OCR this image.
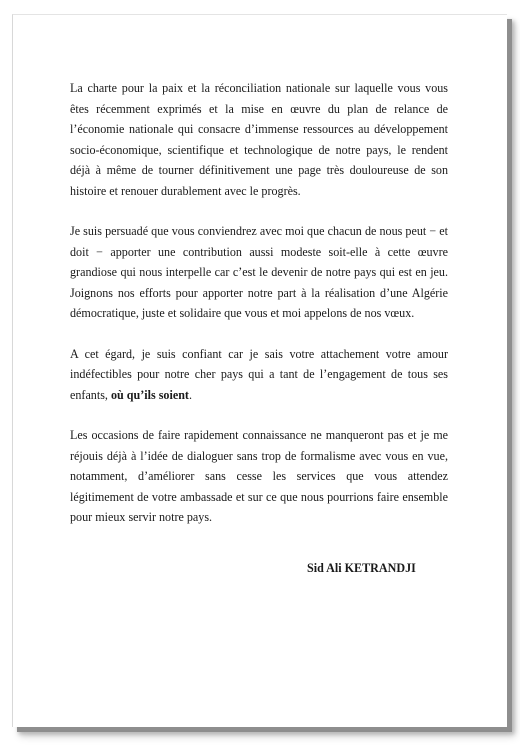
La charte pour la paix et la réconciliation nationale sur laquelle vous vous êtes récemment exprimés et la mise en œuvre du plan de relance de l’économie nationale qui consacre d’immense ressources au développement socio-économique, scientifique et technologique de notre pays, le rendent déjà à même de tourner définitivement une page très douloureuse de son histoire et renouer durablement avec le progrès.

Je suis persuadé que vous conviendrez avec moi que chacun de nous peut − et doit − apporter une contribution aussi modeste soit-elle à cette œuvre grandiose qui nous interpelle car c’est le devenir de notre pays qui est en jeu. Joignons nos efforts pour apporter notre part à la réalisation d’une Algérie démocratique, juste et solidaire que vous et moi appelons de nos vœux.

A cet égard, je suis confiant car je sais votre attachement votre amour indéfectibles pour notre cher pays qui a tant de l’engagement de tous ses enfants, où qu’ils soient.

Les occasions de faire rapidement connaissance ne manqueront pas et je me réjouis déjà à l’idée de dialoguer sans trop de formalisme avec vous en vue, notamment, d’améliorer sans cesse les services que vous attendez légitimement de votre ambassade et sur ce que nous pourrions faire ensemble pour mieux servir notre pays.

Sid Ali KETRANDJI
